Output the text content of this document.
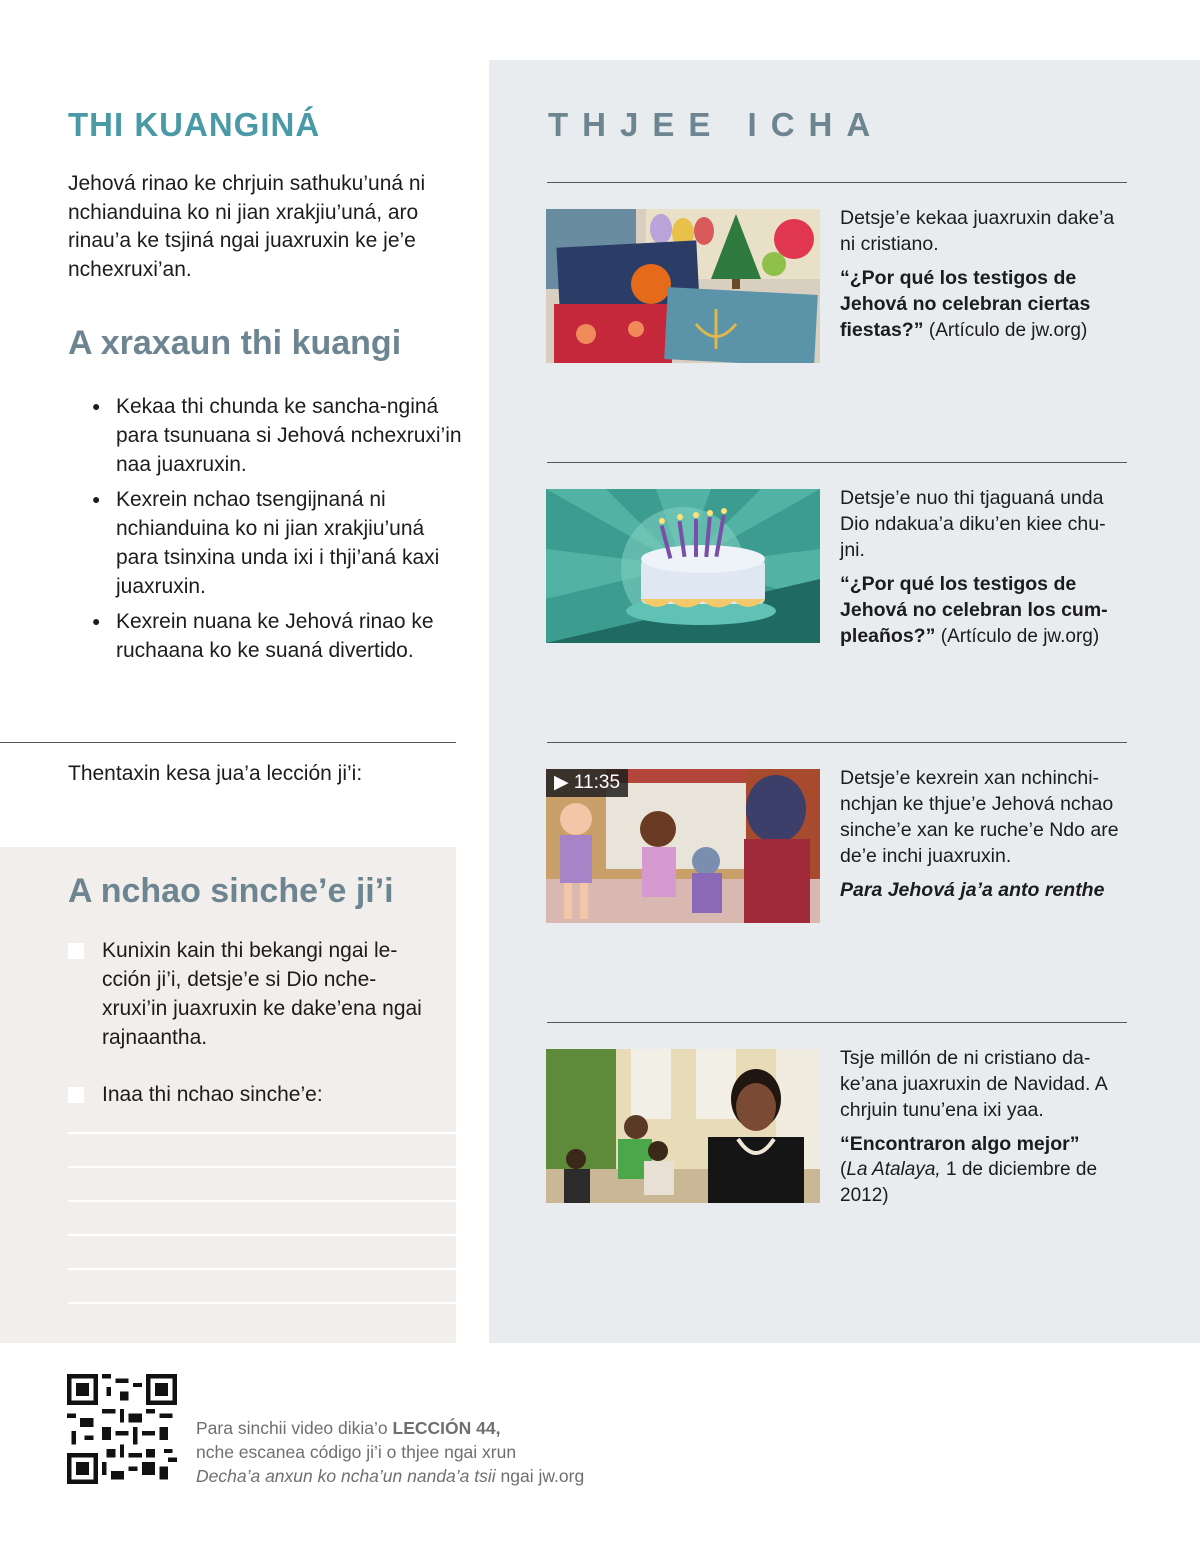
THI KUANGINÁ

Jehová rinao ke chrjuin sathuku’uná ni nchianduina ko ni jian xrakjiu’uná, aro rinau’a ke tsjiná ngai juaxruxin ke je’e nchexruxi’an.

A xraxaun thi kuangi
● Kekaa thi chunda ke sancha-nginá para tsunuana si Jehová nchexruxi’in naa juaxruxin.
● Kexrein nchao tsengijnaná ni nchianduina ko ni jian xrakjiu’uná para tsinxina unda ixi i thji’aná kaxi juaxruxin.
● Kexrein nuana ke Jehová rinao ke ruchaana ko ke suaná divertido.

Thentaxin kesa jua’a lección ji’i:

A nchao sinche’e ji’i
Kunixin kain thi bekangi ngai le-cción ji’i, detsje’e si Dio nche-xruxi’in juaxruxin ke dake’ena ngai rajnaantha.
Inaa thi nchao sinche’e:
THJEE ICHA

Detsje’e kekaa juaxruxin dake’a ni cristiano.

“¿Por qué los testigos de Jehová no celebran ciertas fiestas?” (Artículo de jw.org)

Detsje’e nuo thi tjaguaná unda Dio ndakua’a diku’en kiee chu-jni.

“¿Por qué los testigos de Jehová no celebran los cum-pleaños?” (Artículo de jw.org)

▶ 11:35	Detsje’e kexrein xan nchinchi-nchjan ke thjue’e Jehová nchao sinche’e xan ke ruche’e Ndo are de’e inchi juaxruxin.

Para Jehová ja’a anto renthe

Tsje millón de ni cristiano da-ke’ana juaxruxin de Navidad. A chrjuin tunu’ena ixi yaa.

“Encontraron algo mejor”

(La Atalaya, 1 de diciembre de 2012)

Para sinchii video dikia’o LECCIÓN 44,

nche escanea código ji’i o thjee ngai xrun

Decha’a anxun ko ncha’un nanda’a tsii ngai jw.org
